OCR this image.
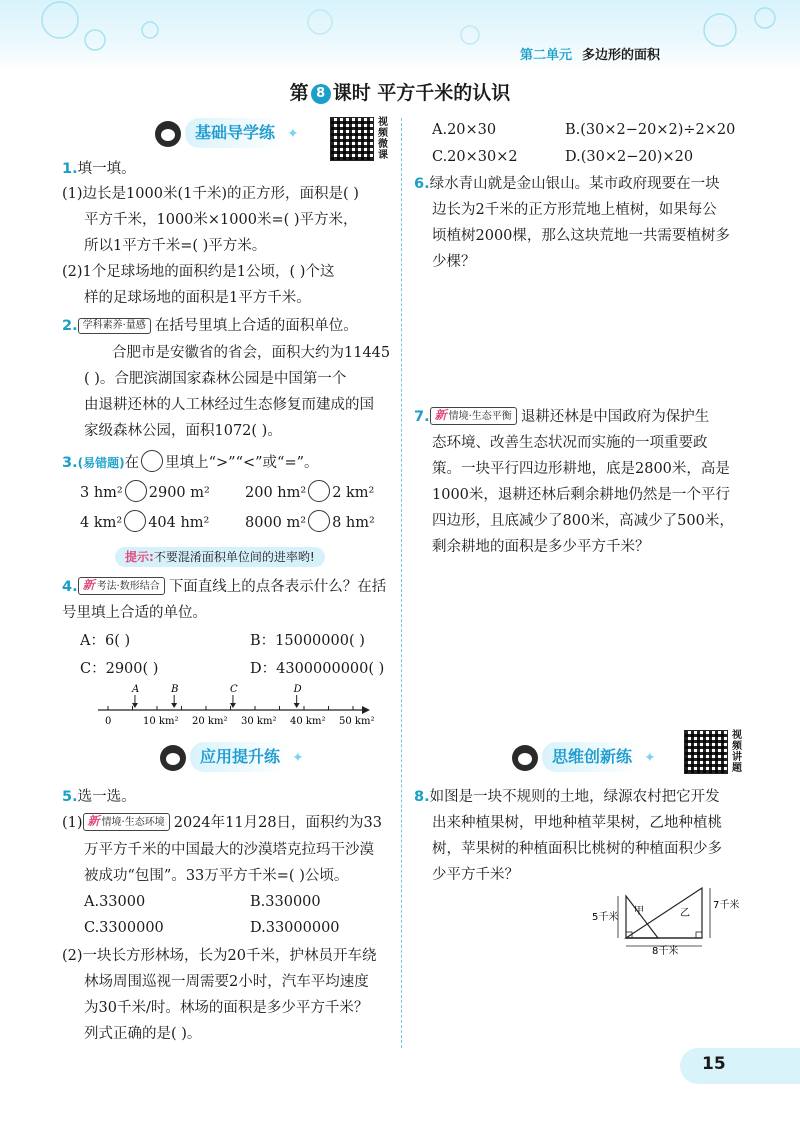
第二单元 多边形的面积
第 8 课时 平方千米的认识
基础导学练 ✦
视频微课
1.填一填。
(1)边长是1000米(1千米)的正方形，面积是( )
平方千米，1000米×1000米=( )平方米，
所以1平方千米=( )平方米。
(2)1个足球场地的面积约是1公顷，( )个这
样的足球场地的面积是1平方千米。
2. 学科素养·量感 在括号里填上合适的面积单位。
合肥市是安徽省的省会，面积大约为11445
( )。合肥滨湖国家森林公园是中国第一个
由退耕还林的人工林经过生态修复而建成的国
家级森林公园，面积1072( )。
3.(易错题)在 里填上“>”“<”或“=”。
3 hm² 2900 m² 200 hm² 2 km²
4 km² 404 hm² 8000 m² 8 hm²
提示:不要混淆面积单位间的进率哟!
4. 新 考法·数形结合 下面直线上的点各表示什么？在括
号里填上合适的单位。
A：6( )	B：15000000( )
C：2900( )	D：4300000000( )
0	10 km² 20 km² 30 km² 40 km² 50 km²
A	B	C	D
应用提升练 ✦
5.选一选。
(1) 新 情境·生态环境 2024年11月28日，面积约为33
万平方千米的中国最大的沙漠塔克拉玛干沙漠
被成功“包围”。33万平方千米=( )公顷。
A.33000	B.330000
C.3300000	D.33000000
(2)一块长方形林场，长为20千米，护林员开车绕
林场周围巡视一周需要2小时，汽车平均速度
为30千米/时。林场的面积是多少平方千米？
列式正确的是( )。
A.20×30	B.(30×2−20×2)÷2×20
C.20×30×2	D.(30×2−20)×20
6.绿水青山就是金山银山。某市政府现要在一块
边长为2千米的正方形荒地上植树，如果每公
顷植树2000棵，那么这块荒地一共需要植树多
少棵？
7. 新 情境·生态平衡 退耕还林是中国政府为保护生
态环境、改善生态状况而实施的一项重要政
策。一块平行四边形耕地，底是2800米，高是
1000米，退耕还林后剩余耕地仍然是一个平行
四边形，且底减少了800米，高减少了500米，
剩余耕地的面积是多少平方千米？
思维创新练 ✦
视频讲题
8.如图是一块不规则的土地，绿源农村把它开发
出来种植果树，甲地种植苹果树，乙地种植桃
树，苹果树的种植面积比桃树的种植面积少多
少平方千米？
5千米
7千米
8千米
甲	乙
15
